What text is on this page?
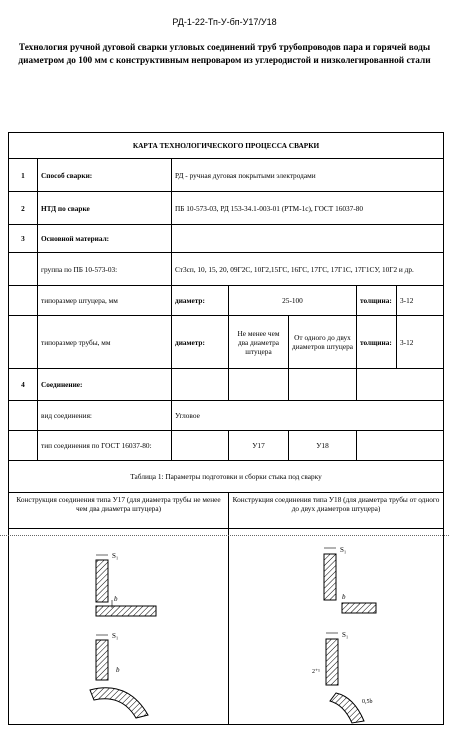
РД-1-22-Тп-У-бп-У17/У18
Технология ручной дуговой сварки угловых соединений труб трубопроводов пара и горячей воды диаметром до 100 мм с конструктивным непроваром из углеродистой и низколегированной стали
КАРТА ТЕХНОЛОГИЧЕСКОГО ПРОЦЕССА СВАРКИ						
1	Способ сварки:	РД - ручная дуговая покрытыми электродами				
2	НТД по сварке	ПБ 10-573-03, РД 153-34.1-003-01 (РТМ-1с), ГОСТ 16037-80				
3	Основной материал:					
	группа по ПБ 10-573-03:	Ст3сп, 10, 15, 20, 09Г2С, 10Г2,15ГС, 16ГС, 17ГС, 17Г1С, 17Г1СУ, 10Г2 и др.				
	типоразмер штуцера, мм	диаметр:	25-100		толщина:	3-12
	типоразмер трубы, мм	диаметр:	Не менее чем два диаметра штуцера	От одного до двух диаметров штуцера	толщина:	3-12
4	Соединение:					
	вид соединения:	Угловое				
	тип соединения по ГОСТ 16037-80:		У17	У18		
Таблица 1: Параметры подготовки и сборки стыка под сварку						
Конструкция соединения типа У17 (для диаметра трубы не менее чем два диаметра штуцера)			Конструкция соединения типа У18 (для диаметра трубы от одного до двух диаметров штуцера)			

S₁
b
S₁
b
S₁
b
S₁
2⁺¹
0,5b
